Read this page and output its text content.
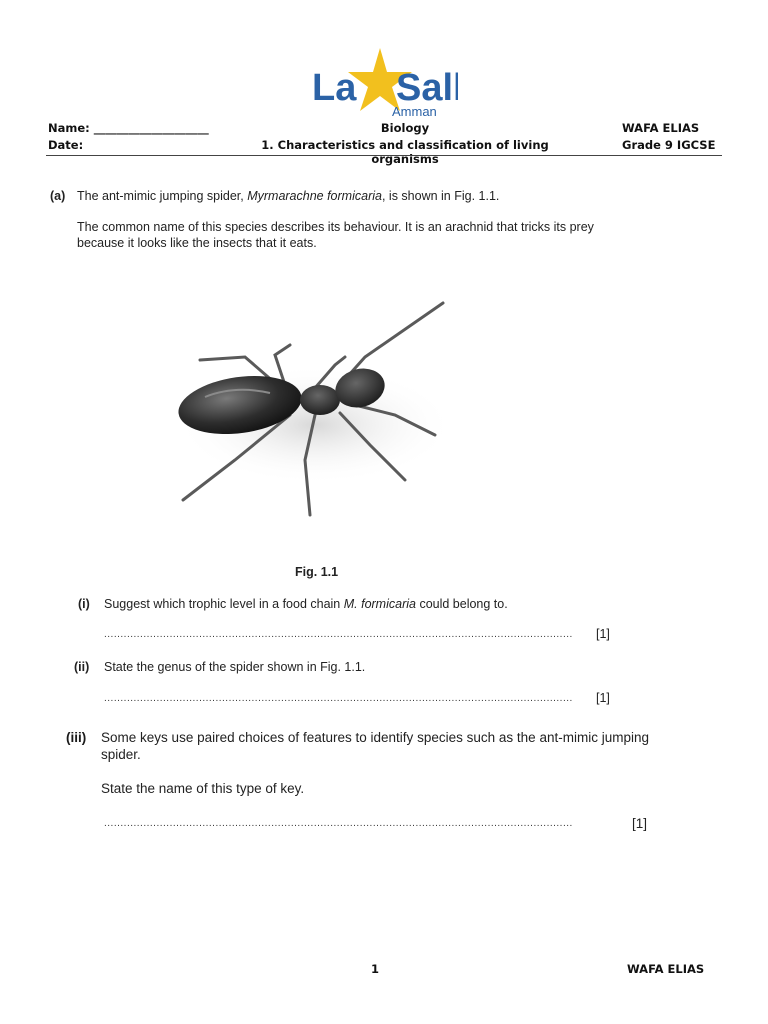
La Sal
Amman
Name: ____________________
Date:
Biology
1. Characteristics and classification of living organisms
WAFA ELIAS
Grade 9 IGCSE
(a) The ant-mimic jumping spider, Myrmarachne formicaria, is shown in Fig. 1.1.
The common name of this species describes its behaviour. It is an arachnid that tricks its prey because it looks like the insects that it eats.
Fig. 1.1
(i) Suggest which trophic level in a food chain M. formicaria could belong to.
...............................................................................................................................................	[1]
(ii) State the genus of the spider shown in Fig. 1.1.
...............................................................................................................................................	[1]
(iii) Some keys use paired choices of features to identify species such as the ant-mimic jumping spider.
State the name of this type of key.
...............................................................................................................................................	[1]
1	WAFA ELIAS
